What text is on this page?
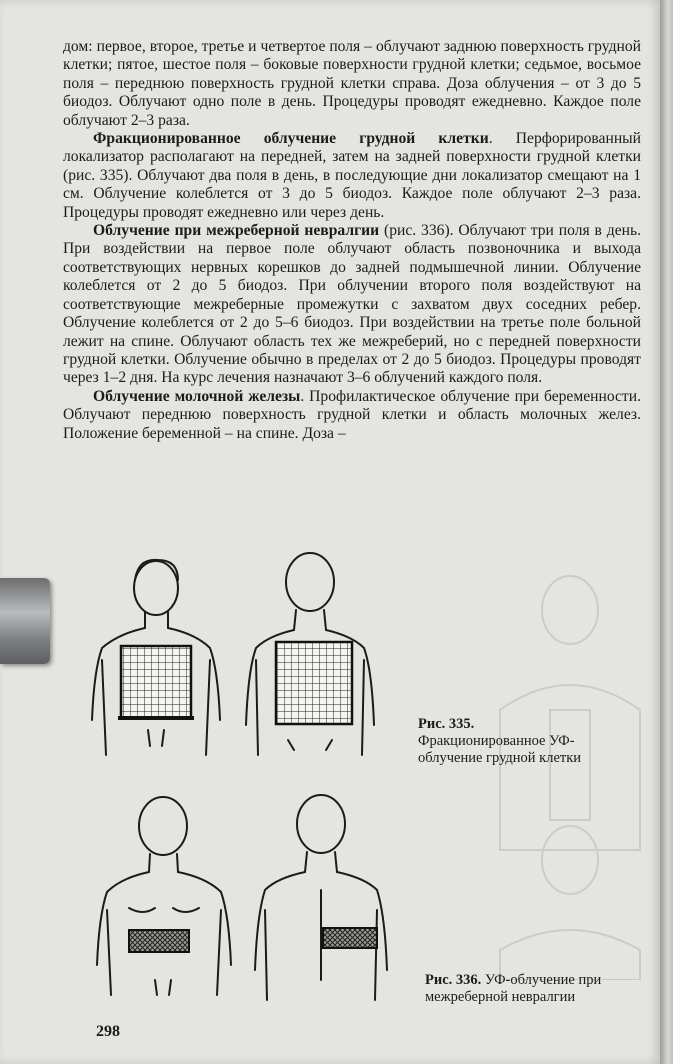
дом: первое, второе, третье и четвертое поля – облучают заднюю поверхность грудной клетки; пятое, шестое поля – боковые поверхности грудной клетки; седьмое, восьмое поля – переднюю поверхность грудной клетки справа. Доза облучения – от 3 до 5 биодоз. Облучают одно поле в день. Процедуры проводят ежедневно. Каждое поле облучают 2–3 раза.

Фракционированное облучение грудной клетки. Перфорированный локализатор располагают на передней, затем на задней поверхности грудной клетки (рис. 335). Облучают два поля в день, в последующие дни локализатор смещают на 1 см. Облучение колеблется от 3 до 5 биодоз. Каждое поле облучают 2–3 раза. Процедуры проводят ежедневно или через день.

Облучение при межреберной невралгии (рис. 336). Облучают три поля в день. При воздействии на первое поле облучают область позвоночника и выхода соответствующих нервных корешков до задней подмышечной линии. Облучение колеблется от 2 до 5 биодоз. При облучении второго поля воздействуют на соответствующие межреберные промежутки с захватом двух соседних ребер. Облучение колеблется от 2 до 5–6 биодоз. При воздействии на третье поле больной лежит на спине. Облучают область тех же межреберий, но с передней поверхности грудной клетки. Облучение обычно в пределах от 2 до 5 биодоз. Процедуры проводят через 1–2 дня. На курс лечения назначают 3–6 облучений каждого поля.

Облучение молочной железы. Профилактическое облучение при беременности. Облучают переднюю поверхность грудной клетки и область молочных желез. Положение беременной – на спине. Доза –

Рис. 335.
Фракционированное УФ-
облучение грудной клетки
Рис. 336. УФ-облучение при
межреберной невралгии
298
